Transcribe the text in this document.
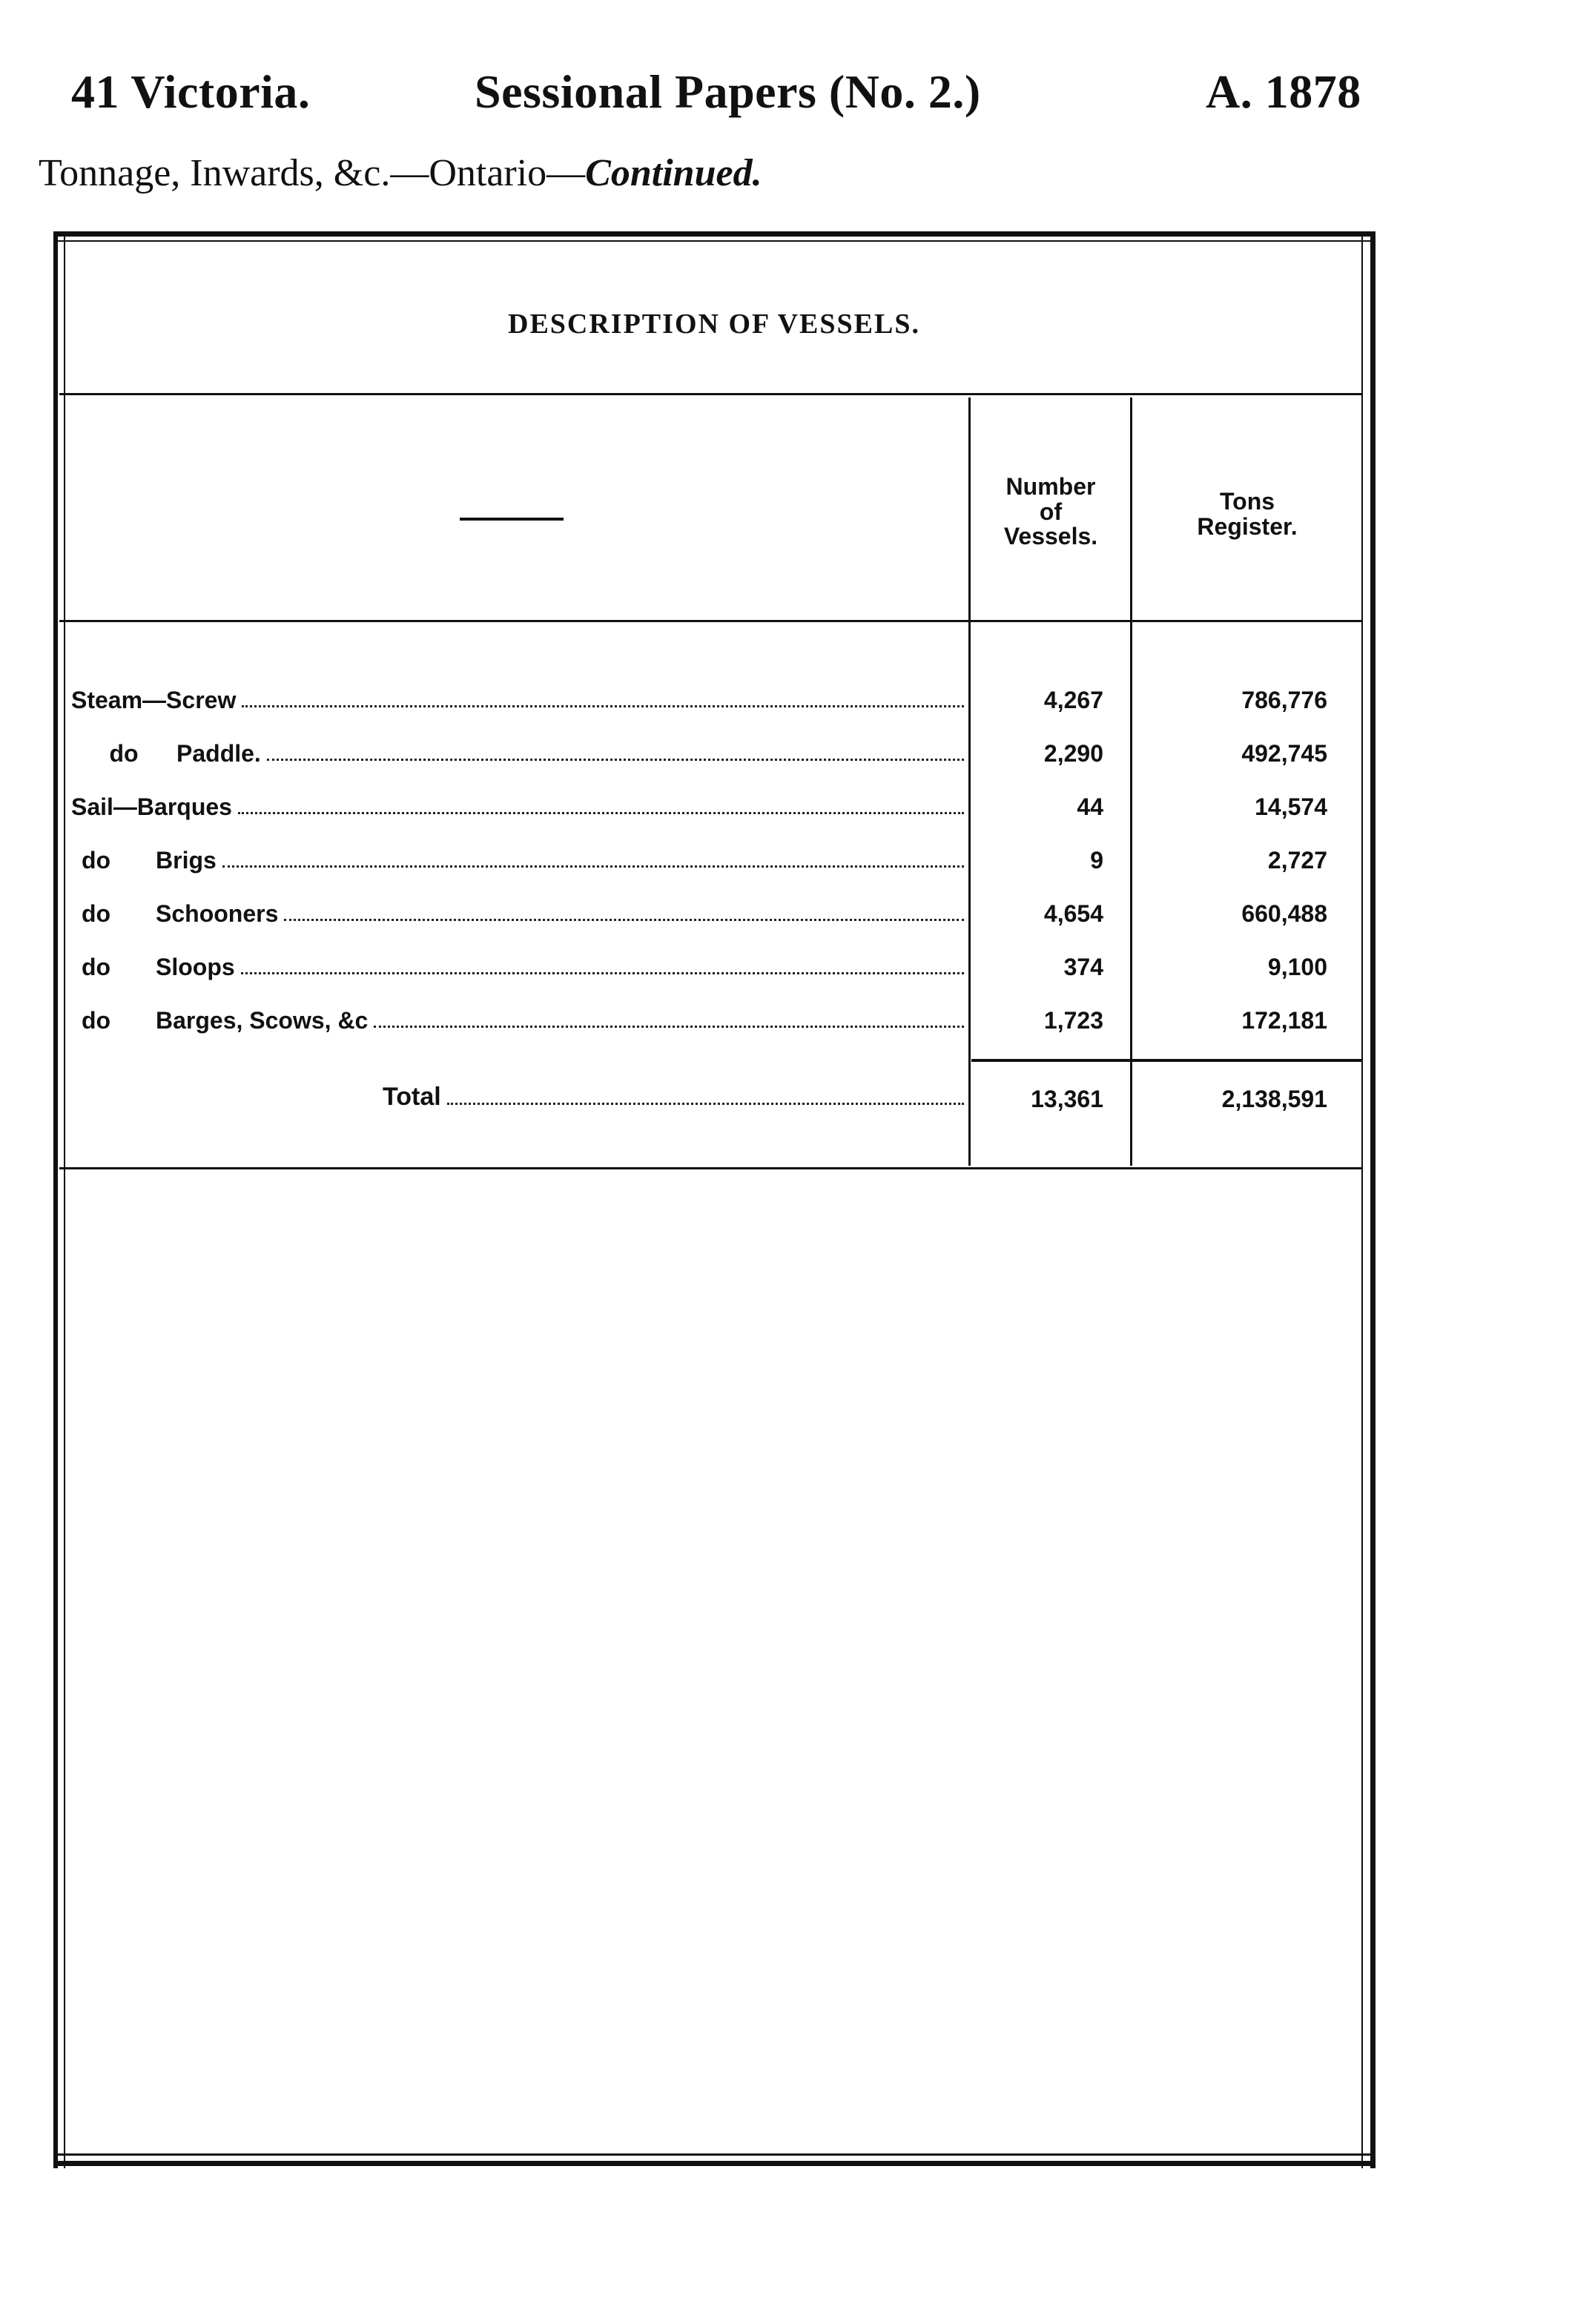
41 Victoria.	Sessional Papers (No. 2.)	A. 1878
Tonnage, Inwards, &c.—Ontario—Continued.
DESCRIPTION OF VESSELS.
Number
of
Vessels.
Tons
Register.
Steam— Screw	4,267	786,776
do	Paddle.	2,290	492,745
Sail— Barques	44	14,574
do	Brigs	9	2,727
do	Schooners	4,654	660,488
do	Sloops	374	9,100
do	Barges, Scows, &c	1,723	172,181
Total	13,361	2,138,591
